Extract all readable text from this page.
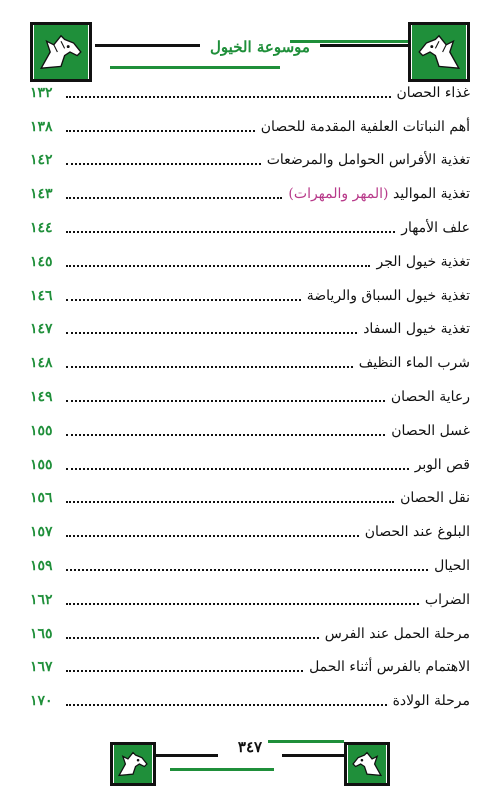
موسوعة الخيول
غذاء الحصان
١٣٢
أهم النباتات العلفية المقدمة للحصان
١٣٨
تغذية الأفراس الحوامل والمرضعات
١٤٢
تغذية المواليد (المهر والمهرات)
١٤٣
علف الأمهار
١٤٤
تغذية خيول الجر
١٤٥
تغذية خيول السباق والرياضة
١٤٦
تغذية خيول السفاد
١٤٧
شرب الماء النظيف
١٤٨
رعاية الحصان
١٤٩
غسل الحصان
١٥٥
قص الوبر
١٥٥
نقل الحصان
١٥٦
البلوغ عند الحصان
١٥٧
الحيال
١٥٩
الضراب
١٦٢
مرحلة الحمل عند الفرس
١٦٥
الاهتمام بالفرس أثناء الحمل
١٦٧
مرحلة الولادة
١٧٠
٣٤٧
